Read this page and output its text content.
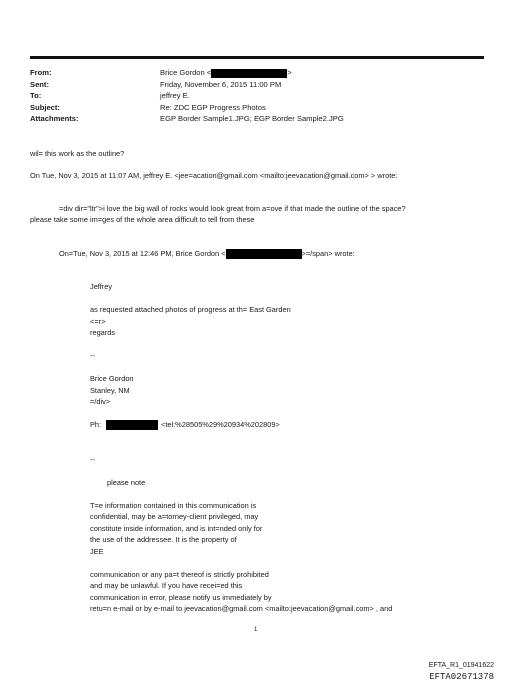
From:	Brice Gordon <	>
Sent:	Friday, November 6, 2015 11:00 PM
To:	jeffrey E.
Subject:	Re: ZDC EGP Progress Photos
Attachments:	EGP Border Sample1.JPG; EGP Border Sample2.JPG
wil= this work as the outline?
On Tue, Nov 3, 2015 at 11:07 AM, jeffrey E. <jee=acation@gmail.com <mailto:jeevacation@gmail.com> > wrote:
=div dir="ltr">i love the big wall of rocks would look great from a=ove if that made the outline of the space?
please take some im=ges of the whole area difficult to tell from these
On=Tue, Nov 3, 2015 at 12:46 PM, Brice Gordon <	>=/span> wrote:
Jeffrey
as requested attached photos of progress at th= East Garden
<=r>
regards
--
Brice Gordon
Stanley, NM
=/div>
Ph:	<tel:%28505%29%20934%202809>
--
please note
T=e information contained in this communication is
confidential, may be a=torney-client privileged, may
constitute inside information, and is int=nded only for
the use of the addressee. It is the property of
JEE
communication or any pa=t thereof is strictly prohibited
and may be unlawful. If you have recei=ed this
communication in error, please notify us immediately by
retu=n e-mail or by e-mail to jeevacation@gmail.com <mailto:jeevacation@gmail.com> , and
1
EFTA_R1_01941622
EFTA02671378
